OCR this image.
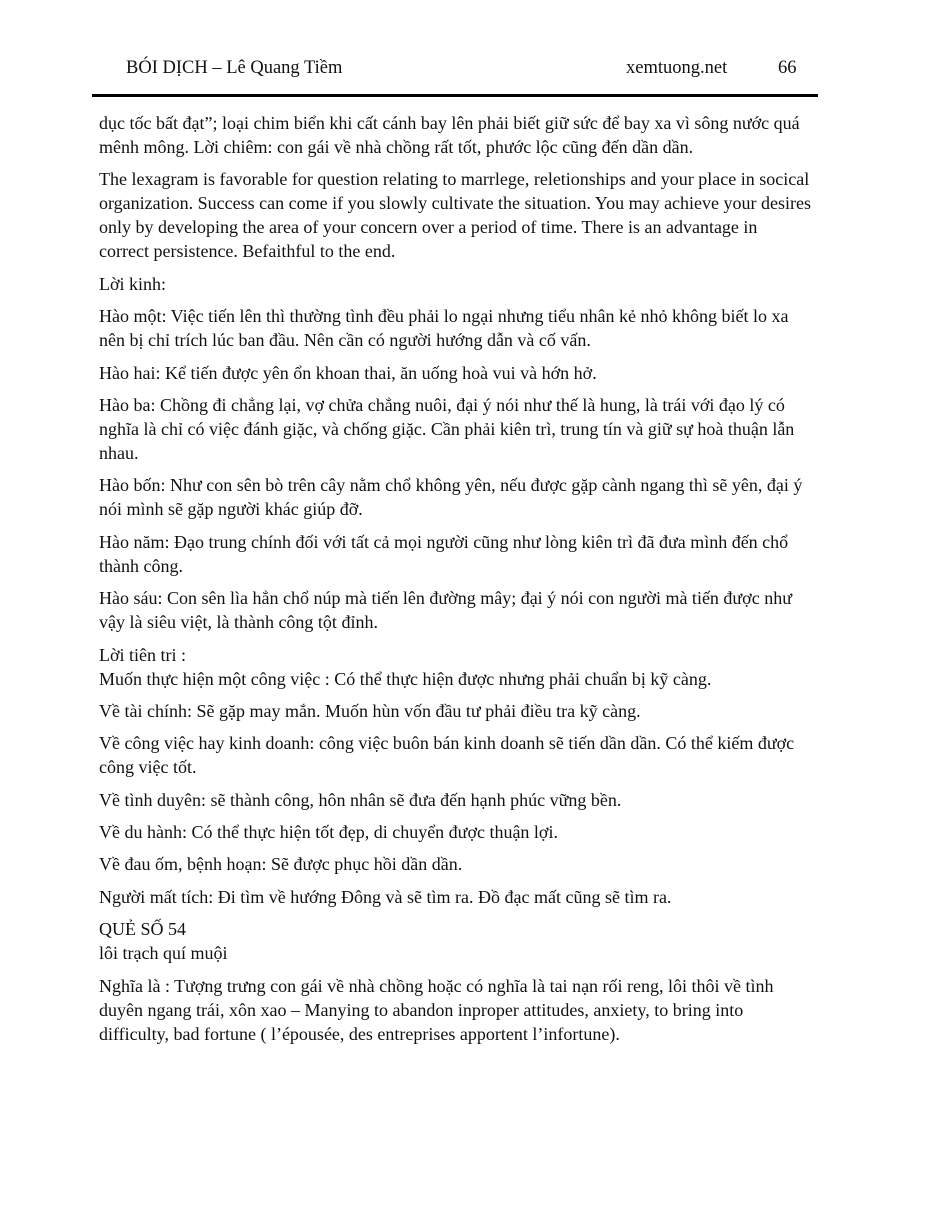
BÓI DỊCH – Lê Quang Tiềm	xemtuong.net	66

dục tốc bất đạt”; loại chim biển khi cất cánh bay lên phải biết giữ sức để bay xa vì sông nước quá mênh mông. Lời chiêm: con gái về nhà chồng rất tốt, phước lộc cũng đến dần dần.

The lexagram is favorable for question relating to marrlege, reletionships and your place in socical organization. Success can come if you slowly cultivate the situation. You may achieve your desires only by developing the area of your concern over a period of time. There is an advantage in correct persistence. Befaithful to the end.

Lời kinh:

Hào một: Việc tiến lên thì thường tình đều phải lo ngại nhưng tiểu nhân kẻ nhỏ không biết lo xa nên bị chỉ trích lúc ban đầu. Nên cần có người hướng dẫn và cố vấn.

Hào hai: Kể tiến được yên ổn khoan thai, ăn uống hoà vui và hớn hở.

Hào ba: Chồng đi chẳng lại, vợ chửa chẳng nuôi, đại ý nói như thế là hung, là trái với đạo lý có nghĩa là chỉ có việc đánh giặc, và chống giặc. Cần phải kiên trì, trung tín và giữ sự hoà thuận lẫn nhau.

Hào bốn: Như con sên bò trên cây nằm chổ không yên, nếu được gặp cành ngang thì sẽ yên, đại ý nói mình sẽ gặp người khác giúp đỡ.

Hào năm: Đạo trung chính đối với tất cả mọi người cũng như lòng kiên trì đã đưa mình đến chổ thành công.

Hào sáu: Con sên lìa hẳn chổ núp mà tiến lên đường mây; đại ý nói con người mà tiến được như vậy là siêu việt, là thành công tột đỉnh.

Lời tiên tri :

Muốn thực hiện một công việc : Có thể thực hiện được nhưng phải chuẩn bị kỹ càng.

Về tài chính: Sẽ gặp may mắn. Muốn hùn vốn đầu tư phải điều tra kỹ càng.

Về công việc hay kinh doanh: công việc buôn bán kinh doanh sẽ tiến dần dần. Có thể kiếm được công việc tốt.

Về tình duyên: sẽ thành công, hôn nhân sẽ đưa đến hạnh phúc vững bền.

Về du hành: Có thể thực hiện tốt đẹp, di chuyển được thuận lợi.

Về đau ốm, bệnh hoạn: Sẽ được phục hồi dần dần.

Người mất tích: Đi tìm về hướng Đông và sẽ tìm ra. Đồ đạc mất cũng sẽ tìm ra.

QUẺ SỐ 54

lôi trạch quí muội

Nghĩa là : Tượng trưng con gái về nhà chồng hoặc có nghĩa là tai nạn rối reng, lôi thôi về tình duyên ngang trái, xôn xao – Manying to abandon inproper attitudes, anxiety, to bring into difficulty, bad fortune ( l’épousée, des entreprises apportent l’infortune).
